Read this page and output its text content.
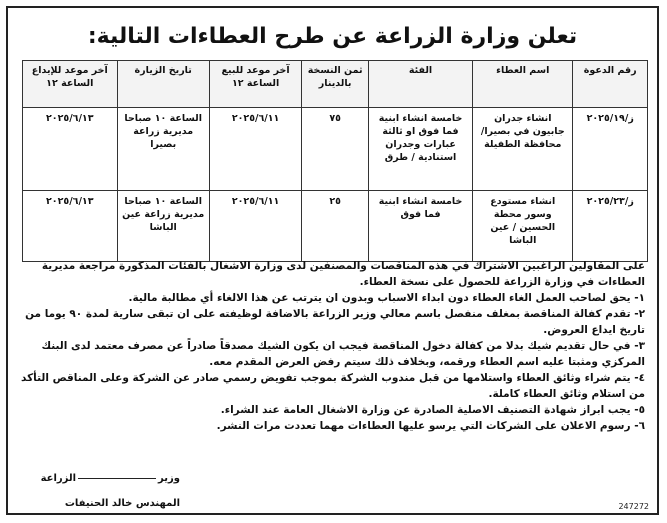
تعلن وزارة الزراعة عن طرح العطاءات التالية:
رقم الدعوة	اسم العطاء	الفئة	ثمن النسخة بالدينار	آخر موعد للبيع الساعة ١٢	تاريخ الزيارة	آخر موعد للإيداع الساعة ١٢
ز/٢٠٢٥/١٩	انشاء جدران جابيون في بصيرا/ محافظة الطفيلة	خامسة انشاء ابنية فما فوق او ثالثة عبارات وجدران استنادية / طرق	٧٥	٢٠٢٥/٦/١١	الساعة ١٠ صباحا مديرية زراعة بصيرا	٢٠٢٥/٦/١٣
ز/٢٠٢٥/٢٣	انشاء مستودع وسور محطة الحسين / عين الباشا	خامسة انشاء ابنية فما فوق	٢٥	٢٠٢٥/٦/١١	الساعة ١٠ صباحا مديرية زراعة عين الباشا	٢٠٢٥/٦/١٣

على المقاولين الراغبين الاشتراك في هذه المناقصات والمصنفين لدى وزارة الاشغال بالفئات المذكورة مراجعة مديرية العطاءات في وزارة الزراعة للحصول على نسخة العطاء.

١- يحق لصاحب العمل الغاء العطاء دون ابداء الاسباب وبدون ان يترتب عن هذا الالغاء أي مطالبة مالية.

٢- تقدم كفالة المناقصة بمغلف منفصل باسم معالي وزير الزراعة بالاضافة لوظيفته على ان تبقى سارية لمدة ٩٠ يوما من تاريخ ايداع العروض.

٣- في حال تقديم شيك بدلا من كفالة دخول المناقصة فيجب ان يكون الشيك مصدقاً صادراً عن مصرف معتمد لدى البنك المركزي ومثبتا عليه اسم العطاء ورقمه، وبخلاف ذلك سيتم رفض العرض المقدم معه.

٤- يتم شراء وثائق العطاء واستلامها من قبل مندوب الشركة بموجب تفويض رسمي صادر عن الشركة وعلى المناقص التأكد من استلام وثائق العطاء كاملة.

٥- يجب ابراز شهادة التصنيف الاصلية الصادرة عن وزارة الاشغال العامة عند الشراء.

٦- رسوم الاعلان على الشركات التي يرسو عليها العطاءات مهما تعددت مرات النشر.

وزيرالزراعة
المهندس خالد الحنيفات	247272
